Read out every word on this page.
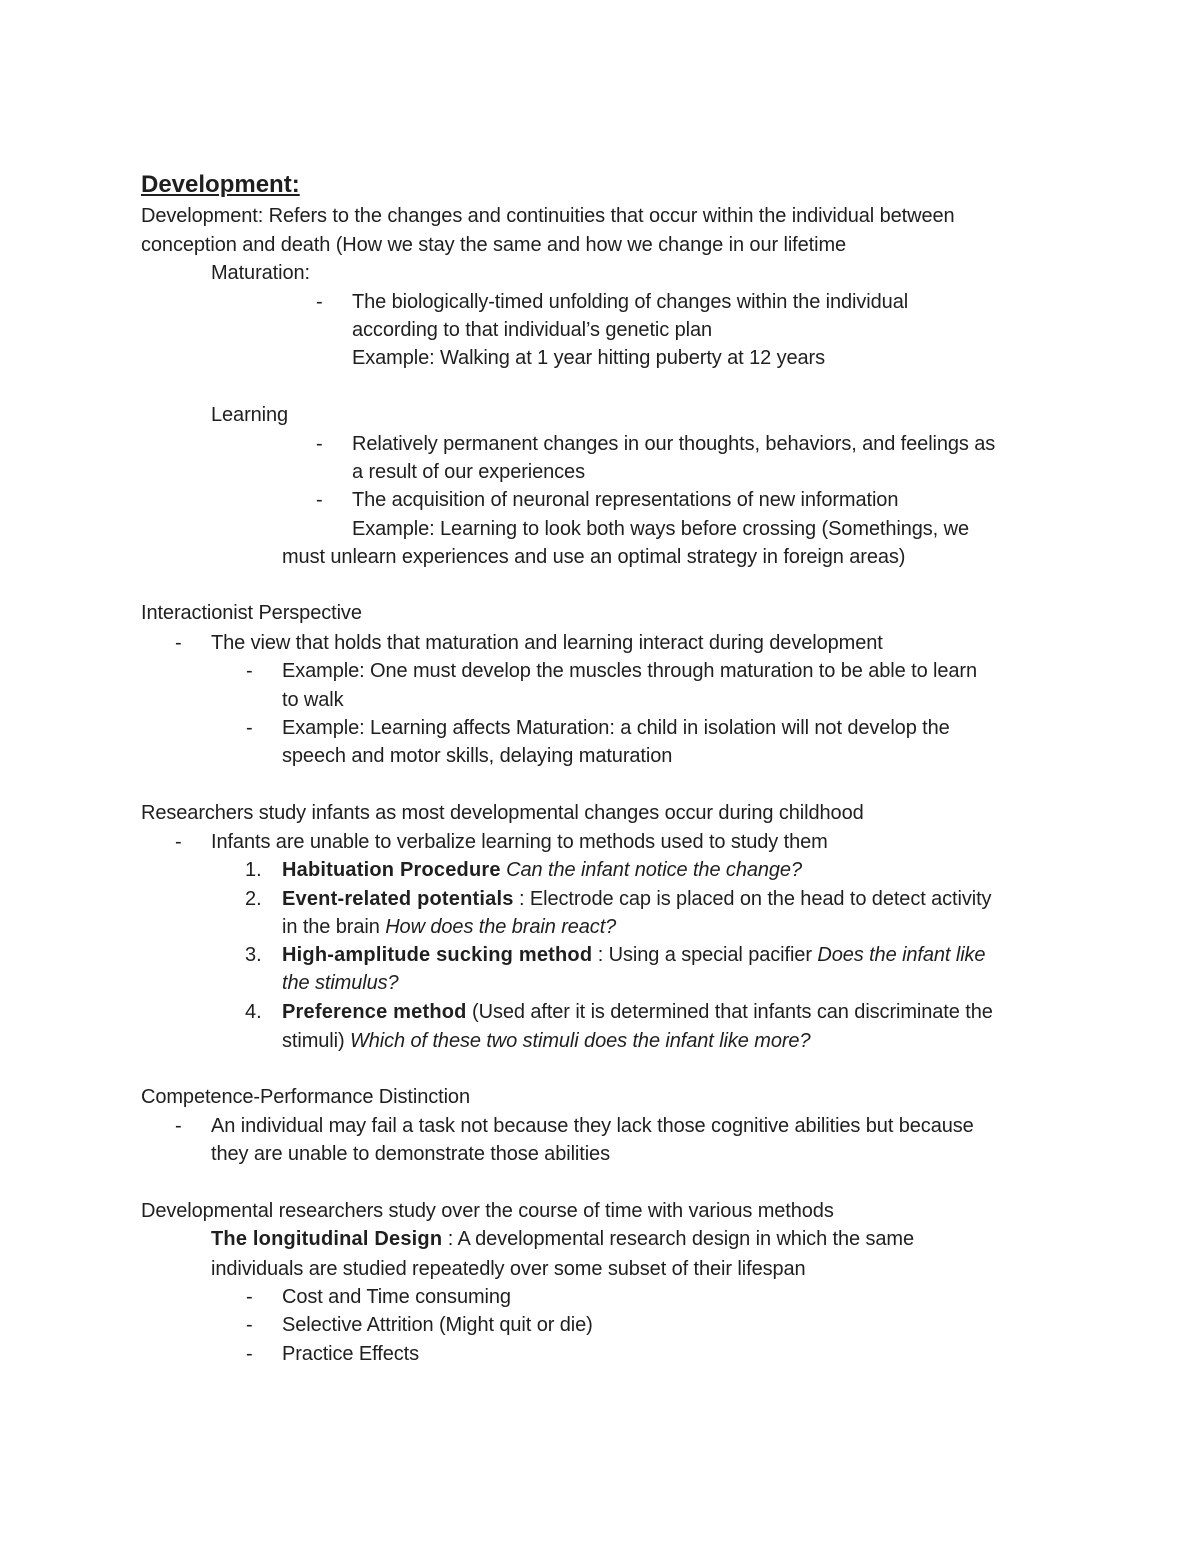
Development:
Development: Refers to the changes and continuities that occur within the individual between
conception and death (How we stay the same and how we change in our lifetime
Maturation:
- The biologically-timed unfolding of changes within the individual
according to that individual’s genetic plan
Example: Walking at 1 year hitting puberty at 12 years
Learning
- Relatively permanent changes in our thoughts, behaviors, and feelings as
a result of our experiences
- The acquisition of neuronal representations of new information
Example: Learning to look both ways before crossing (Somethings, we
must unlearn experiences and use an optimal strategy in foreign areas)
Interactionist Perspective
- The view that holds that maturation and learning interact during development
- Example: One must develop the muscles through maturation to be able to learn
to walk
- Example: Learning affects Maturation: a child in isolation will not develop the
speech and motor skills, delaying maturation
Researchers study infants as most developmental changes occur during childhood
- Infants are unable to verbalize learning to methods used to study them
1. Habituation Procedure Can the infant notice the change?
2. Event-related potentials : Electrode cap is placed on the head to detect activity
in the brain How does the brain react?
3. High-amplitude sucking method : Using a special pacifier Does the infant like
the stimulus?
4. Preference method (Used after it is determined that infants can discriminate the
stimuli) Which of these two stimuli does the infant like more?
Competence-Performance Distinction
- An individual may fail a task not because they lack those cognitive abilities but because
they are unable to demonstrate those abilities
Developmental researchers study over the course of time with various methods
The longitudinal Design : A developmental research design in which the same
individuals are studied repeatedly over some subset of their lifespan
- Cost and Time consuming
- Selective Attrition (Might quit or die)
- Practice Effects
